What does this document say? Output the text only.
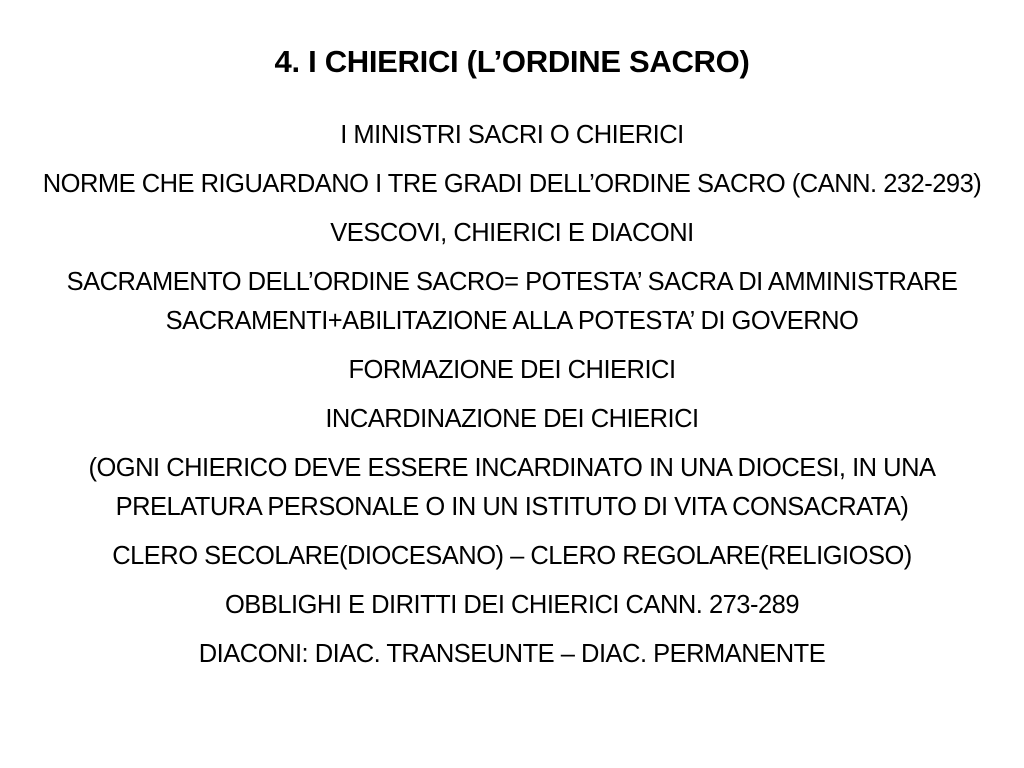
4. I CHIERICI (L’ORDINE SACRO)
I MINISTRI SACRI O CHIERICI
NORME CHE RIGUARDANO I TRE GRADI DELL’ORDINE SACRO (CANN. 232-293)
VESCOVI, CHIERICI E DIACONI
SACRAMENTO DELL’ORDINE SACRO= POTESTA’ SACRA DI AMMINISTRARE SACRAMENTI+ABILITAZIONE ALLA POTESTA’ DI GOVERNO
FORMAZIONE DEI CHIERICI
INCARDINAZIONE DEI CHIERICI
(OGNI CHIERICO DEVE ESSERE INCARDINATO IN UNA DIOCESI, IN UNA PRELATURA PERSONALE O IN UN ISTITUTO DI VITA CONSACRATA)
CLERO SECOLARE(DIOCESANO) – CLERO REGOLARE(RELIGIOSO)
OBBLIGHI E DIRITTI DEI CHIERICI CANN. 273-289
DIACONI: DIAC. TRANSEUNTE – DIAC. PERMANENTE
